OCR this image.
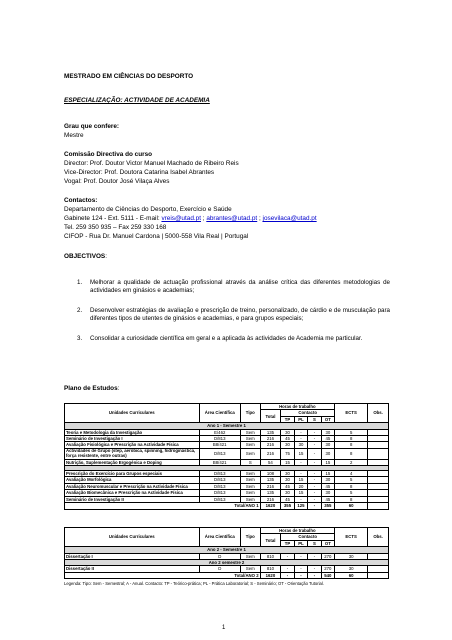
MESTRADO EM CIÊNCIAS DO DESPORTO
ESPECIALIZAÇÃO: ACTIVIDADE DE ACADEMIA
Grau que confere:
Mestre
Comissão Directiva do curso
Director: Prof. Doutor Victor Manuel Machado de Ribeiro Reis
Vice-Director: Prof. Doutora Catarina Isabel Abrantes
Vogal: Prof. Doutor José Vilaça Alves
Contactos:
Departamento de Ciências do Desporto, Exercício e Saúde
Gabinete 124 - Ext. 5111 - E-mail: vreis@utad.pt ; abrantes@utad.pt ; josevilaca@utad.pt
Tel. 259 350 935 – Fax 259 330 168
CIFOP - Rua Dr. Manuel Cardona | 5000-558 Vila Real | Portugal
OBJECTIVOS:
1. Melhorar a qualidade de actuação profissional através da análise crítica das diferentes metodologias de actividades em ginásios e academias;
2. Desenvolver estratégias de avaliação e prescrição de treino, personalizado, de cárdio e de musculação para diferentes tipos de utentes de ginásios e academias, e para grupos especiais;
3. Consolidar a curiosidade científica em geral e a aplicada às actividades de Academia me particular.
Plano de Estudos:
Unidades Curriculares	Área Científica	Tipo	Horas de trabalho					ECTS	Obs.
			Total	Contacto					
				TP	PL	S	OT		
Ano 1 - Semestre 1									
Teoria e Metodologia da Investigação	E/462	Sem	135	30	-	-	30	5	
Seminário de Investigação I	D/813	Sem	216	45	-	-	45	8	
Avaliação Fisiológica e Prescrição na Actividade Física	B8/421	Sem	216	30	30	-	30	8	
Actividades de Grupo (step, aeróbica, spinning, hidroginástica, força resistente, entre outras)	D/813	Sem	216	75	15	-	30	8	
Nutrição, Suplementação Ergogénica e Doping	B8/421	S	54	15	-	-	15	2	

Prescrição do Exercício para Grupos especiais	D/813	Sem	108	30	-	-	15	4	
Avaliação Morfológica	D/813	Sem	135	30	15	-	30	5	
Avaliação Neuromuscular e Prescrição na Actividade Física	D/813	Sem	216	45	20	-	45	8	
Avaliação Biomecânica e Prescrição na Actividade Física	D/813	Sem	135	30	15	-	30	5	
Seminário de Investigação II	D/813	Sem	216	45	-	-	45	8	
Total/ANO 1			1620	355	125	-	355	60	
Unidades Curriculares	Área Científica	Tipo	Horas de trabalho					ECTS	Obs.
			Total	Contacto					
				TP	PL	S	OT		
Ano 2 - Semestre 1									
Dissertação I	D	Sem	810	-	-	-	270	30	
Ano 2 semestre 2									
Dissertação II	D	Sem	810	-	-	-	270	30	
Total/ANO 2			1620	-	-	-	540	60	
Legenda: Tipo: Sem - Semestral; A - Anual. Contacto: TP - Teórico-prática; PL - Prática Laboratorial; S - Seminário; OT - Orientação Tutorial.
1
